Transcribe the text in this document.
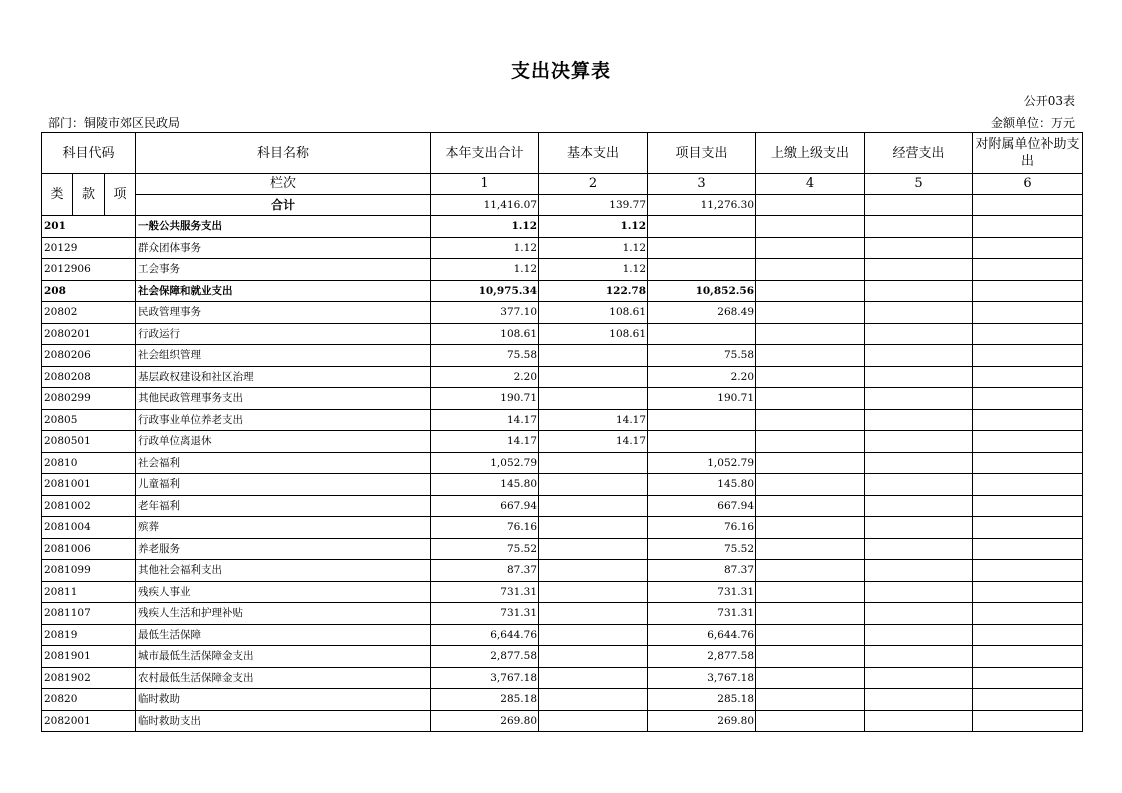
支出决算表
公开03表
部门：铜陵市郊区民政局	金额单位：万元
科目代码			科目名称	本年支出合计	基本支出	项目支出	上缴上级支出	经营支出	对附属单位补助支出
类	款	项	栏次	1	2	3	4	5	6
			合计	11,416.07	139.77	11,276.30			
201			一般公共服务支出	1.12	1.12				
20129			群众团体事务	1.12	1.12				
2012906			工会事务	1.12	1.12				
208			社会保障和就业支出	10,975.34	122.78	10,852.56			
20802			民政管理事务	377.10	108.61	268.49			
2080201			行政运行	108.61	108.61				
2080206			社会组织管理	75.58		75.58			
2080208			基层政权建设和社区治理	2.20		2.20			
2080299			其他民政管理事务支出	190.71		190.71			
20805			行政事业单位养老支出	14.17	14.17				
2080501			行政单位离退休	14.17	14.17				
20810			社会福利	1,052.79		1,052.79			
2081001			儿童福利	145.80		145.80			
2081002			老年福利	667.94		667.94			
2081004			殡葬	76.16		76.16			
2081006			养老服务	75.52		75.52			
2081099			其他社会福利支出	87.37		87.37			
20811			残疾人事业	731.31		731.31			
2081107			残疾人生活和护理补贴	731.31		731.31			
20819			最低生活保障	6,644.76		6,644.76			
2081901			城市最低生活保障金支出	2,877.58		2,877.58			
2081902			农村最低生活保障金支出	3,767.18		3,767.18			
20820			临时救助	285.18		285.18			
2082001			临时救助支出	269.80		269.80			
